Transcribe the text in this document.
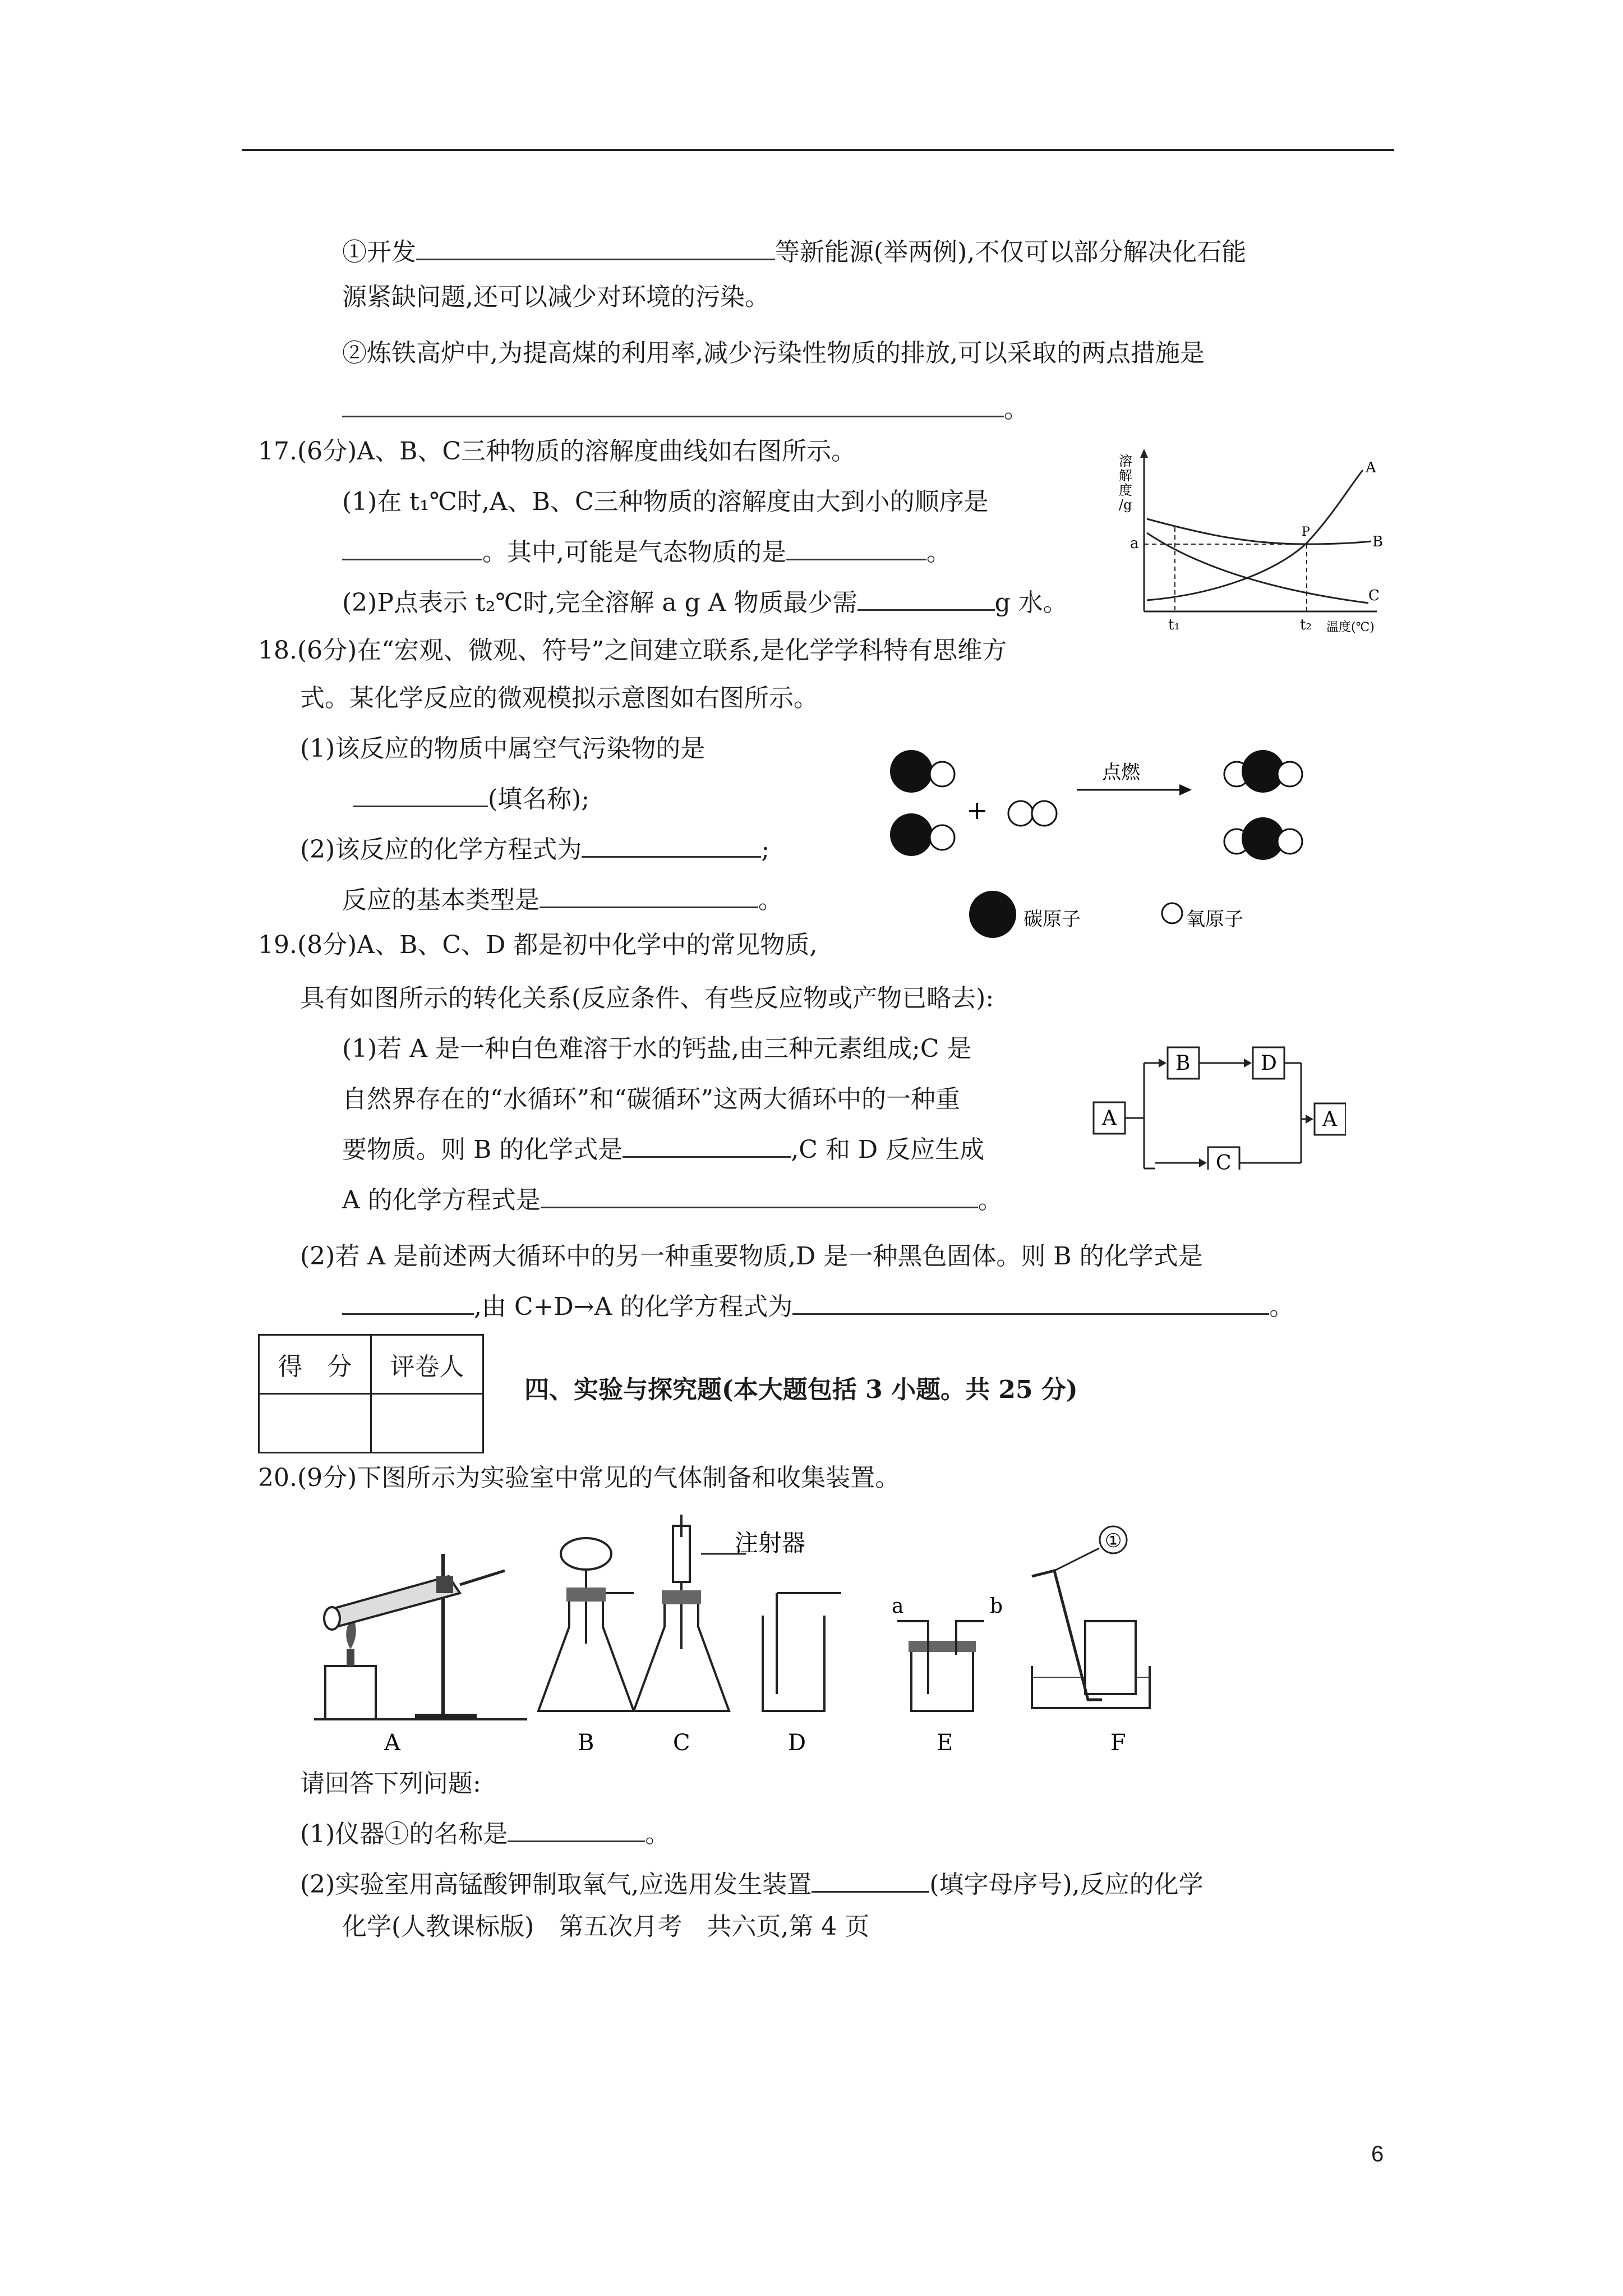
①开发	等新能源(举两例),不仅可以部分解决化石能
源紧缺问题,还可以减少对环境的污染。
②炼铁高炉中,为提高煤的利用率,减少污染性物质的排放,可以采取的两点措施是
。
17.(6分)A、B、C三种物质的溶解度曲线如右图所示。
(1)在 t₁℃时,A、B、C三种物质的溶解度由大到小的顺序是
。其中,可能是气态物质的是	。
(2)P点表示 t₂℃时,完全溶解 a g A 物质最少需	g 水。
溶
解
度
/g
a
P
A
B
C
t₁	t₂ 温度(℃)
18.(6分)在“宏观、微观、符号”之间建立联系,是化学学科特有思维方
式。某化学反应的微观模拟示意图如右图所示。
(1)该反应的物质中属空气污染物的是
(填名称);
(2)该反应的化学方程式为	;
反应的基本类型是	。
+
点燃
碳原子	氧原子
19.(8分)A、B、C、D 都是初中化学中的常见物质,
具有如图所示的转化关系(反应条件、有些反应物或产物已略去):
(1)若 A 是一种白色难溶于水的钙盐,由三种元素组成;C 是
自然界存在的“水循环”和“碳循环”这两大循环中的一种重
要物质。则 B 的化学式是	,C 和 D 反应生成
A 的化学方程式是	。
(2)若 A 是前述两大循环中的另一种重要物质,D 是一种黑色固体。则 B 的化学式是
,由 C+D→A 的化学方程式为	。
A
B	D
C
A
得　分	评卷人

四、实验与探究题(本大题包括 3 小题。共 25 分)
20.(9分)下图所示为实验室中常见的气体制备和收集装置。
注射器
a	b
①
A	B	C	D	E	F
请回答下列问题:
(1)仪器①的名称是	。
(2)实验室用高锰酸钾制取氧气,应选用发生装置	(填字母序号),反应的化学
化学(人教课标版)　第五次月考　共六页,第 4 页
6
